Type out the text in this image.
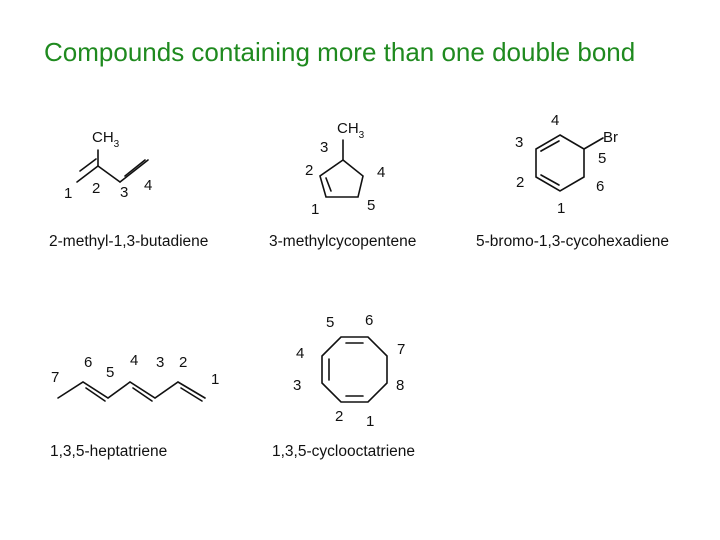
Compounds containing more than one double bond
$CH_3$
1 2 3 4
2-methyl-1,3-butadiene
$CH_3$
3
2	4
1	5
3-methylcycopentene
Br
4
3
5
2	6
1
5-bromo-1,3-cycohexadiene
7
6
5
4 3 2
1
1,3,5-heptatriene
5 6
4	7
3	8
2 1
1,3,5-cyclooctatriene
